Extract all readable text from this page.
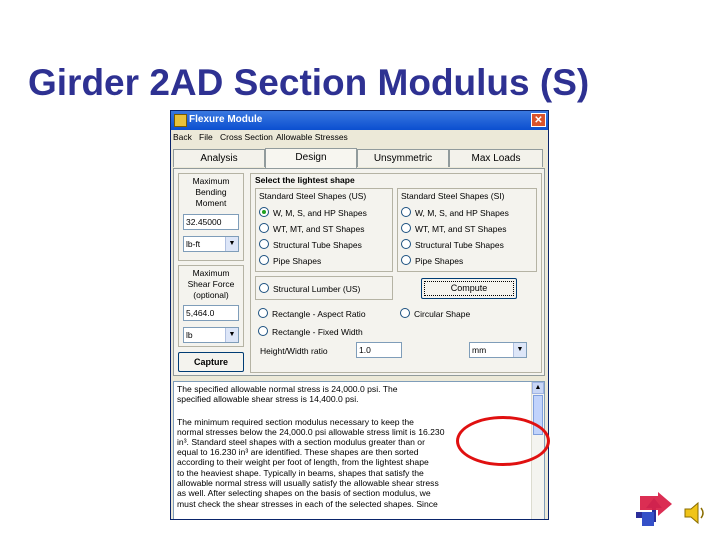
Girder 2AD Section Modulus (S)
Flexure Module	✕
Back File Cross Section Allowable Stresses
Analysis	Design	Unsymmetric	Max Loads
Maximum
Bending
Moment
32.45000
lb-ft	▼
Maximum
Shear Force
(optional)
5,464.0
lb	▼
Capture
Select the lightest shape
Standard Steel Shapes (US)
W, M, S, and HP Shapes
WT, MT, and ST Shapes
Structural Tube Shapes
Pipe Shapes
Standard Steel Shapes (SI)
W, M, S, and HP Shapes
WT, MT, and ST Shapes
Structural Tube Shapes
Pipe Shapes
Structural Lumber (US)	Compute
Rectangle - Aspect Ratio	Circular Shape
Rectangle - Fixed Width
Height/Width ratio	1.0	mm	▼

The specified allowable normal stress is 24,000.0 psi. The

specified allowable shear stress is 14,400.0 psi.

The minimum required section modulus necessary to keep the

normal stresses below the 24,000.0 psi allowable stress limit is 16.230

in³. Standard steel shapes with a section modulus greater than or

equal to 16.230 in³ are identified. These shapes are then sorted

according to their weight per foot of length, from the lightest shape

to the heaviest shape. Typically in beams, shapes that satisfy the

allowable normal stress will usually satisfy the allowable shear stress

as well. After selecting shapes on the basis of section modulus, we

must check the shear stresses in each of the selected shapes. Since

▲
